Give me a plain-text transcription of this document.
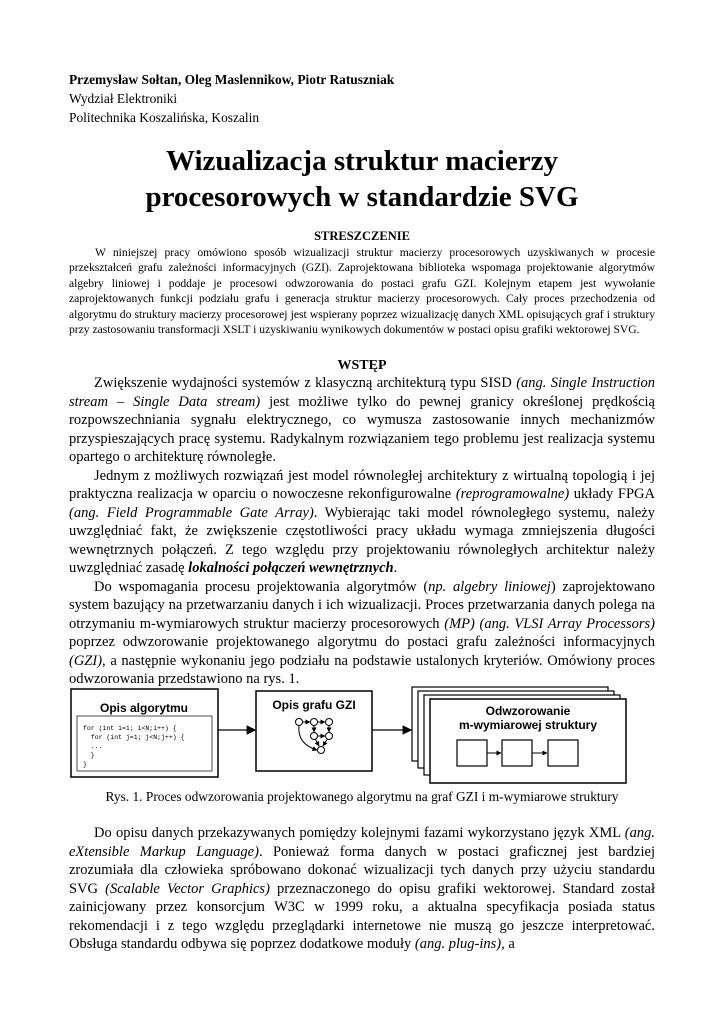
Przemysław Sołtan, Oleg Maslennikow, Piotr Ratuszniak
Wydział Elektroniki
Politechnika Koszalińska, Koszalin
Wizualizacja struktur macierzy
procesorowych w standardzie SVG
STRESZCZENIE

W niniejszej pracy omówiono sposób wizualizacji struktur macierzy procesorowych uzyskiwanych w procesie przekształceń grafu zależności informacyjnych (GZI). Zaprojektowana biblioteka wspomaga projektowanie algorytmów algebry liniowej i poddaje je procesowi odwzorowania do postaci grafu GZI. Kolejnym etapem jest wywołanie zaprojektowanych funkcji podziału grafu i generacja struktur macierzy procesorowych. Cały proces przechodzenia od algorytmu do struktury macierzy procesorowej jest wspierany poprzez wizualizację danych XML opisujących graf i struktury przy zastosowaniu transformacji XSLT i uzyskiwaniu wynikowych dokumentów w postaci opisu grafiki wektorowej SVG.

WSTĘP

Zwiększenie wydajności systemów z klasyczną architekturą typu SISD (ang. Single Instruction stream – Single Data stream) jest możliwe tylko do pewnej granicy określonej prędkością rozpowszechniania sygnału elektrycznego, co wymusza zastosowanie innych mechanizmów przyspieszających pracę systemu. Radykalnym rozwiązaniem tego problemu jest realizacja systemu opartego o architekturę równoległe.

Jednym z możliwych rozwiązań jest model równoległej architektury z wirtualną topologią i jej praktyczna realizacja w oparciu o nowoczesne rekonfigurowalne (reprogramowalne) układy FPGA (ang. Field Programmable Gate Array). Wybierając taki model równoległego systemu, należy uwzględniać fakt, że zwiększenie częstotliwości pracy układu wymaga zmniejszenia długości wewnętrznych połączeń. Z tego względu przy projektowaniu równoległych architektur należy uwzględniać zasadę lokalności połączeń wewnętrznych.

Do wspomagania procesu projektowania algorytmów (np. algebry liniowej) zaprojektowano system bazujący na przetwarzaniu danych i ich wizualizacji. Proces przetwarzania danych polega na otrzymaniu m-wymiarowych struktur macierzy procesorowych (MP) (ang. VLSI Array Processors) poprzez odwzorowanie projektowanego algorytmu do postaci grafu zależności informacyjnych (GZI), a następnie wykonaniu jego podziału na podstawie ustalonych kryteriów. Omówiony proces odwzorowania przedstawiono na rys. 1.

Opis algorytmu
for (int i=1; i<N;i++) {
for (int j=1; j<N;j++) {
...
}
}
Opis grafu GZI	Odwzorowanie
m-wymiarowej struktury
Rys. 1. Proces odwzorowania projektowanego algorytmu na graf GZI i m-wymiarowe struktury

Do opisu danych przekazywanych pomiędzy kolejnymi fazami wykorzystano język XML (ang. eXtensible Markup Language). Ponieważ forma danych w postaci graficznej jest bardziej zrozumiała dla człowieka spróbowano dokonać wizualizacji tych danych przy użyciu standardu SVG (Scalable Vector Graphics) przeznaczonego do opisu grafiki wektorowej. Standard został zainicjowany przez konsorcjum W3C w 1999 roku, a aktualna specyfikacja posiada status rekomendacji i z tego względu przeglądarki internetowe nie muszą go jeszcze interpretować. Obsługa standardu odbywa się poprzez dodatkowe moduły (ang. plug-ins), a
